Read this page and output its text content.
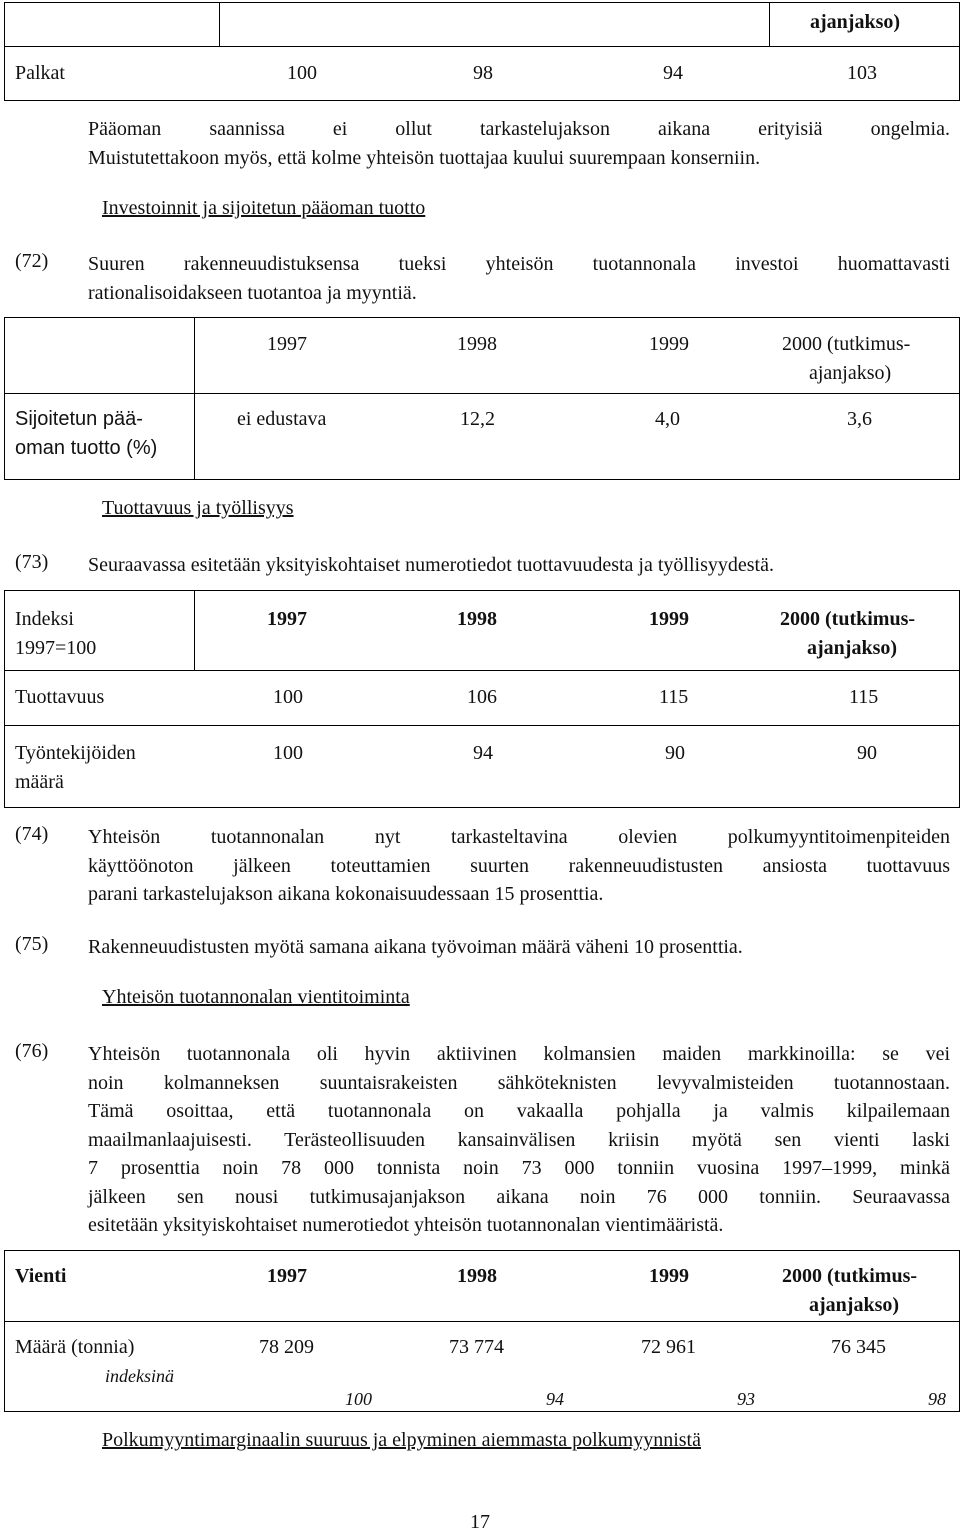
ajanjakso)

Palkat	100	98	94	103
Pääoman saannissa ei ollut tarkastelujakson aikana erityisiä ongelmia.
Muistutettakoon myös, että kolme yhteisön tuottajaa kuului suurempaan konserniin.
Investoinnit ja sijoitetun pääoman tuotto
(72) Suuren rakenneuudistuksensa tueksi yhteisön tuotannonala investoi huomattavasti
rationalisoidakseen tuotantoa ja myyntiä.

	1997 1998 1999 2000 (tutkimus-
ajanjakso)

Sijoitetun pää-
oman tuotto (%)	ei edustava 12,2 4,0 3,6
Tuottavuus ja työllisyys
(73) Seuraavassa esitetään yksityiskohtaiset numerotiedot tuottavuudesta ja työllisyydestä.
Indeksi
1997=100

1997	1998	1999	2000 (tutkimus-
ajanjakso)

Tuottavuus	100	106	115	115

Työntekijöiden
määrä
100	94	90	90
(74) Yhteisön tuotannonalan nyt tarkasteltavina olevien polkumyyntitoimenpiteiden
käyttöönoton jälkeen toteuttamien suurten rakenneuudistusten ansiosta tuottavuus
parani tarkastelujakson aikana kokonaisuudessaan 15 prosenttia.
(75) Rakenneuudistusten myötä samana aikana työvoiman määrä väheni 10 prosenttia.
Yhteisön tuotannonalan vientitoiminta
(76) Yhteisön tuotannonala oli hyvin aktiivinen kolmansien maiden markkinoilla: se vei
noin kolmanneksen suuntaisrakeisten sähköteknisten levyvalmisteiden tuotannostaan.
Tämä osoittaa, että tuotannonala on vakaalla pohjalla ja valmis kilpailemaan
maailmanlaajuisesti. Terästeollisuuden kansainvälisen kriisin myötä sen vienti laski
7 prosenttia noin 78 000 tonnista noin 73 000 tonniin vuosina 1997–1999, minkä
jälkeen sen nousi tutkimusajanjakson aikana noin 76 000 tonniin. Seuraavassa
esitetään yksityiskohtaiset numerotiedot yhteisön tuotannonalan vientimääristä.
Vienti	1997	1998	1999	2000 (tutkimus-
ajanjakso)

Määrä (tonnia)
indeksinä
78 209	73 774	72 961	76 345
100	94	93	98
Polkumyyntimarginaalin suuruus ja elpyminen aiemmasta polkumyynnistä
17
